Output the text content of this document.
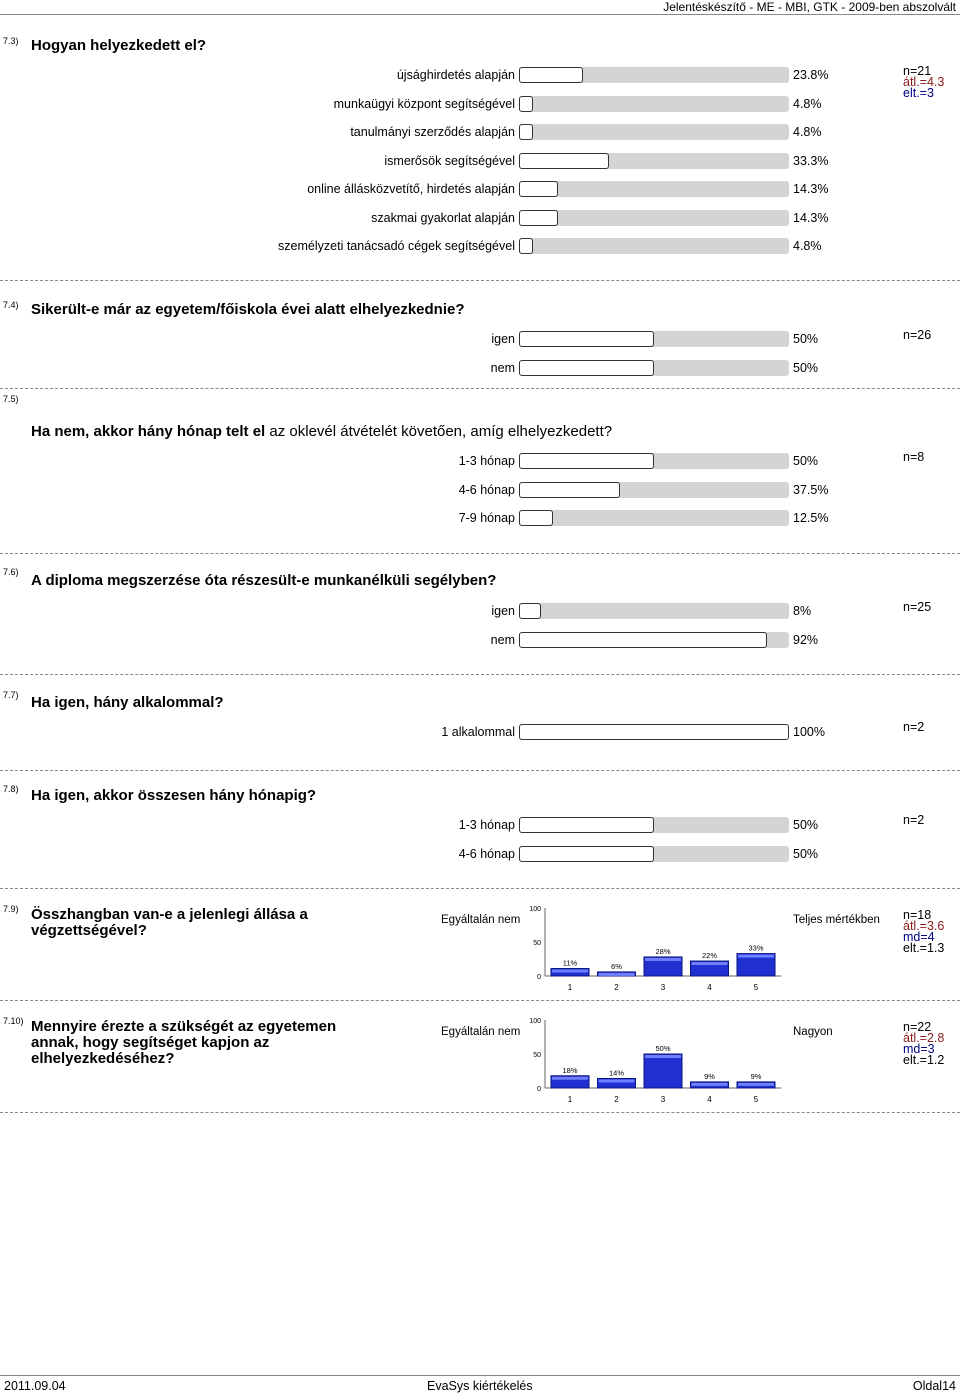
Jelentéskészítő - ME - MBI, GTK - 2009-ben abszolvált
7.3) Hogyan helyezkedett el?
újsághirdetés alapján	23.8%
munkaügyi központ segítségével	4.8%
tanulmányi szerződés alapján	4.8%
ismerősök segítségével	33.3%
online állásközvetítő, hirdetés alapján	14.3%
szakmai gyakorlat alapján	14.3%
személyzeti tanácsadó cégek segítségével	4.8%
n=21
átl.=4.3
elt.=3
7.4) Sikerült-e már az egyetem/főiskola évei alatt elhelyezkednie?
igen	50%
nem	50%
n=26
7.5)
Ha nem, akkor hány hónap telt el az oklevél átvételét követően, amíg elhelyezkedett?
1-3 hónap	50%
4-6 hónap	37.5%
7-9 hónap	12.5%
n=8
7.6) A diploma megszerzése óta részesült-e munkanélküli segélyben?
igen	8%
nem	92%
n=25
7.7) Ha igen, hány alkalommal?
1 alkalommal	100%	n=2
7.8) Ha igen, akkor összesen hány hónapig?
1-3 hónap	50%
4-6 hónap	50%
n=2
7.9) Összhangban van-e a jelenlegi állása a végzettségével?
Egyáltalán nem
100
50
0
11%
1
6%
2
28%
3
22%
4
33%
5
Teljes mértékben n=18
átl.=3.6
md=4
elt.=1.3
7.10) Mennyire érezte a szükségét az egyetemen annak, hogy segítséget kapjon az elhelyezkedéséhez?
Egyáltalán nem
100
50
0
18%
1
14%
2
50%
3
9%
4
9%
5
Nagyon	n=22
átl.=2.8
md=3
elt.=1.2
2011.09.04	EvaSys kiértékelés	Oldal14
